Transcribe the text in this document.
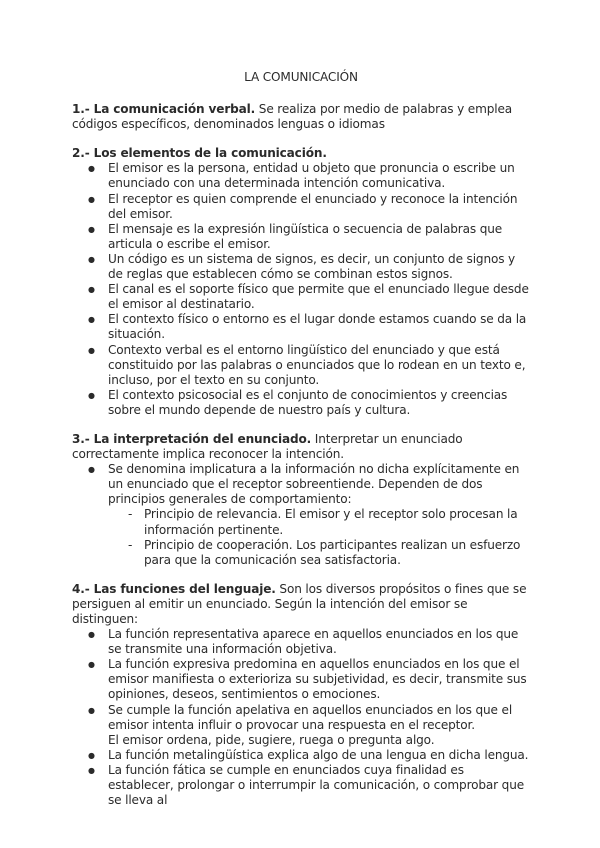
LA COMUNICACIÓN

1.- La comunicación verbal. Se realiza por medio de palabras y emplea códigos específicos, denominados lenguas o idiomas

2.- Los elementos de la comunicación.

● El emisor es la persona, entidad u objeto que pronuncia o escribe un enunciado con una determinada intención comunicativa.
● El receptor es quien comprende el enunciado y reconoce la intención del emisor.
● El mensaje es la expresión lingüística o secuencia de palabras que articula o escribe el emisor.
● Un código es un sistema de signos, es decir, un conjunto de signos y de reglas que establecen cómo se combinan estos signos.
● El canal es el soporte físico que permite que el enunciado llegue desde el emisor al destinatario.
● El contexto físico o entorno es el lugar donde estamos cuando se da la situación.
● Contexto verbal es el entorno lingüístico del enunciado y que está constituido por las palabras o enunciados que lo rodean en un texto e, incluso, por el texto en su conjunto.
● El contexto psicosocial es el conjunto de conocimientos y creencias sobre el mundo depende de nuestro país y cultura.

3.- La interpretación del enunciado. Interpretar un enunciado correctamente implica reconocer la intención.

● Se denomina implicatura a la información no dicha explícitamente en un enunciado que el receptor sobreentiende. Dependen de dos principios generales de comportamiento:
- Principio de relevancia. El emisor y el receptor solo procesan la información pertinente.
- Principio de cooperación. Los participantes realizan un esfuerzo para que la comunicación sea satisfactoria.

4.- Las funciones del lenguaje. Son los diversos propósitos o fines que se persiguen al emitir un enunciado. Según la intención del emisor se distinguen:

● La función representativa aparece en aquellos enunciados en los que se transmite una información objetiva.
● La función expresiva predomina en aquellos enunciados en los que el emisor manifiesta o exterioriza su subjetividad, es decir, transmite sus opiniones, deseos, sentimientos o emociones.
● Se cumple la función apelativa en aquellos enunciados en los que el emisor intenta influir o provocar una respuesta en el receptor.
El emisor ordena, pide, sugiere, ruega o pregunta algo.
● La función metalingüística explica algo de una lengua en dicha lengua.
● La función fática se cumple en enunciados cuya finalidad es establecer, prolongar o interrumpir la comunicación, o comprobar que se lleva al
